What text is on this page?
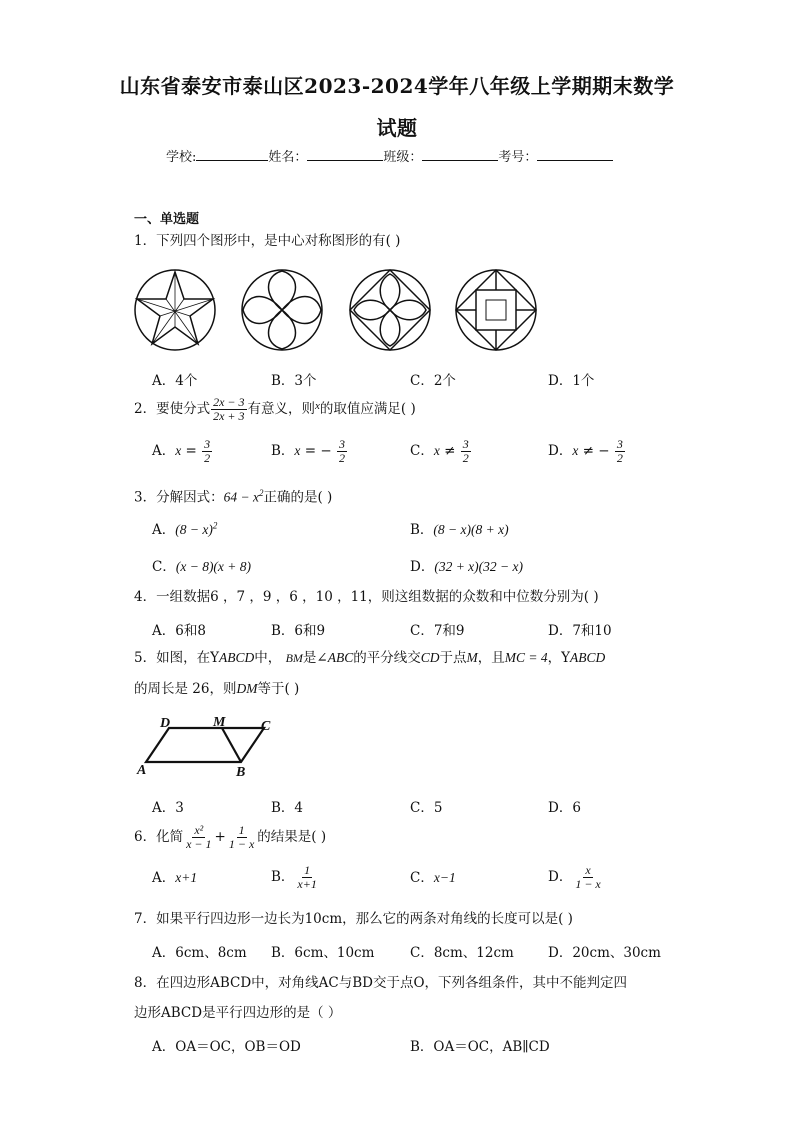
山东省泰安市泰山区2023-2024学年八年级上学期期末数学
试题
学校:	姓名：	班级：	考号：
一、单选题
1．下列四个图形中，是中心对称图形的有( )
A．4个	B．3个	C．2个	D．1个
2．要使分式 $\frac{2x - 3}{2x + 3}$ 有意义，则$^x$的取值应满足( )
A．$x = \frac{3}{2}$	B．x = − $\frac{3}{2}$	C．$x \ne \frac{3}{2}$	D．x ≠ − $\frac{3}{2}$
3．分解因式：$64 - x^2$正确的是( )
A．$(8 - x)^2$	B．(8 − x)(8 + x)
C．(x − 8)(x + 8)	D．(32 + x)(32 − x)
4．一组数据6 ，7 ，9 ，6 ，10 ，11，则这组数据的众数和中位数分别为( )
A．6和8	B．6和9	C．7和9	D．7和10
5．如图，在YABCD中， BM是∠ABC的平分线交CD于点M，且MC = 4，YABCD
的周长是 26，则DM等于( )
D	M	C
A	B
A．3	B．4	C．5	D．6
6．化简 $\frac{\text{x²}}{x - 1} + \frac{1}{1 - x}$ 的结果是( )
A．x+1	B． $\frac{1}{x+1}$	C．x−1	D． $\frac{x}{1 - x}$
7．如果平行四边形一边长为10cm，那么它的两条对角线的长度可以是( )
A．6cm、8cm B．6cm、10cm	C．8cm、12cm	D．20cm、30cm
8．在四边形ABCD中，对角线AC与BD交于点O，下列各组条件，其中不能判定四
边形ABCD是平行四边形的是（ ）
A．OA＝OC，OB＝OD	B．OA＝OC，AB∥CD
